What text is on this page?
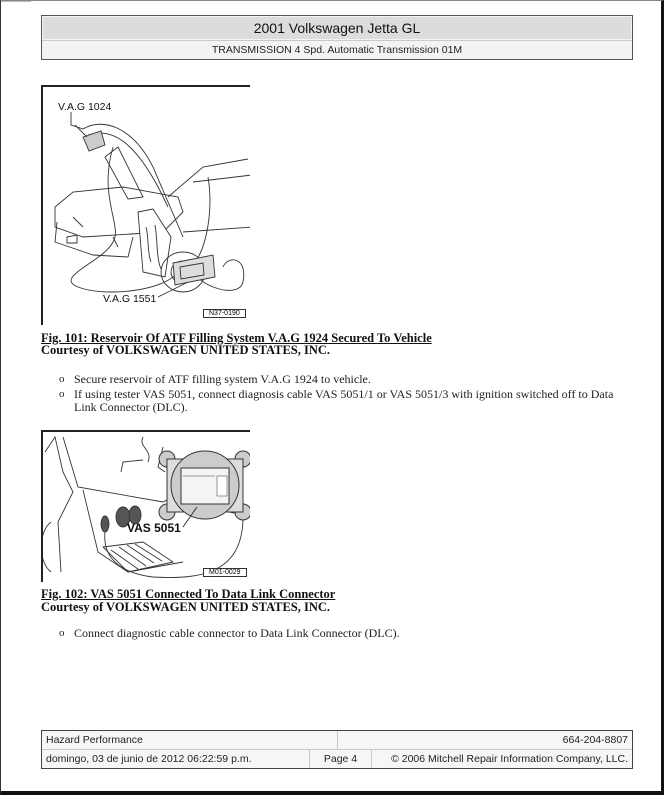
2001 Volkswagen Jetta GL
TRANSMISSION 4 Spd. Automatic Transmission 01M
V.A.G 1024
V.A.G 1551
N37-0190
Fig. 101: Reservoir Of ATF Filling System V.A.G 1924 Secured To Vehicle
Courtesy of VOLKSWAGEN UNITED STATES, INC.
o Secure reservoir of ATF filling system V.A.G 1924 to vehicle.
o If using tester VAS 5051, connect diagnosis cable VAS 5051/1 or VAS 5051/3 with ignition switched off to Data Link Connector (DLC).
VAS 5051
M01-0029
Fig. 102: VAS 5051 Connected To Data Link Connector
Courtesy of VOLKSWAGEN UNITED STATES, INC.
o Connect diagnostic cable connector to Data Link Connector (DLC).
Hazard Performance	664-204-8807
domingo, 03 de junio de 2012 06:22:59 p.m.	Page 4	© 2006 Mitchell Repair Information Company, LLC.
